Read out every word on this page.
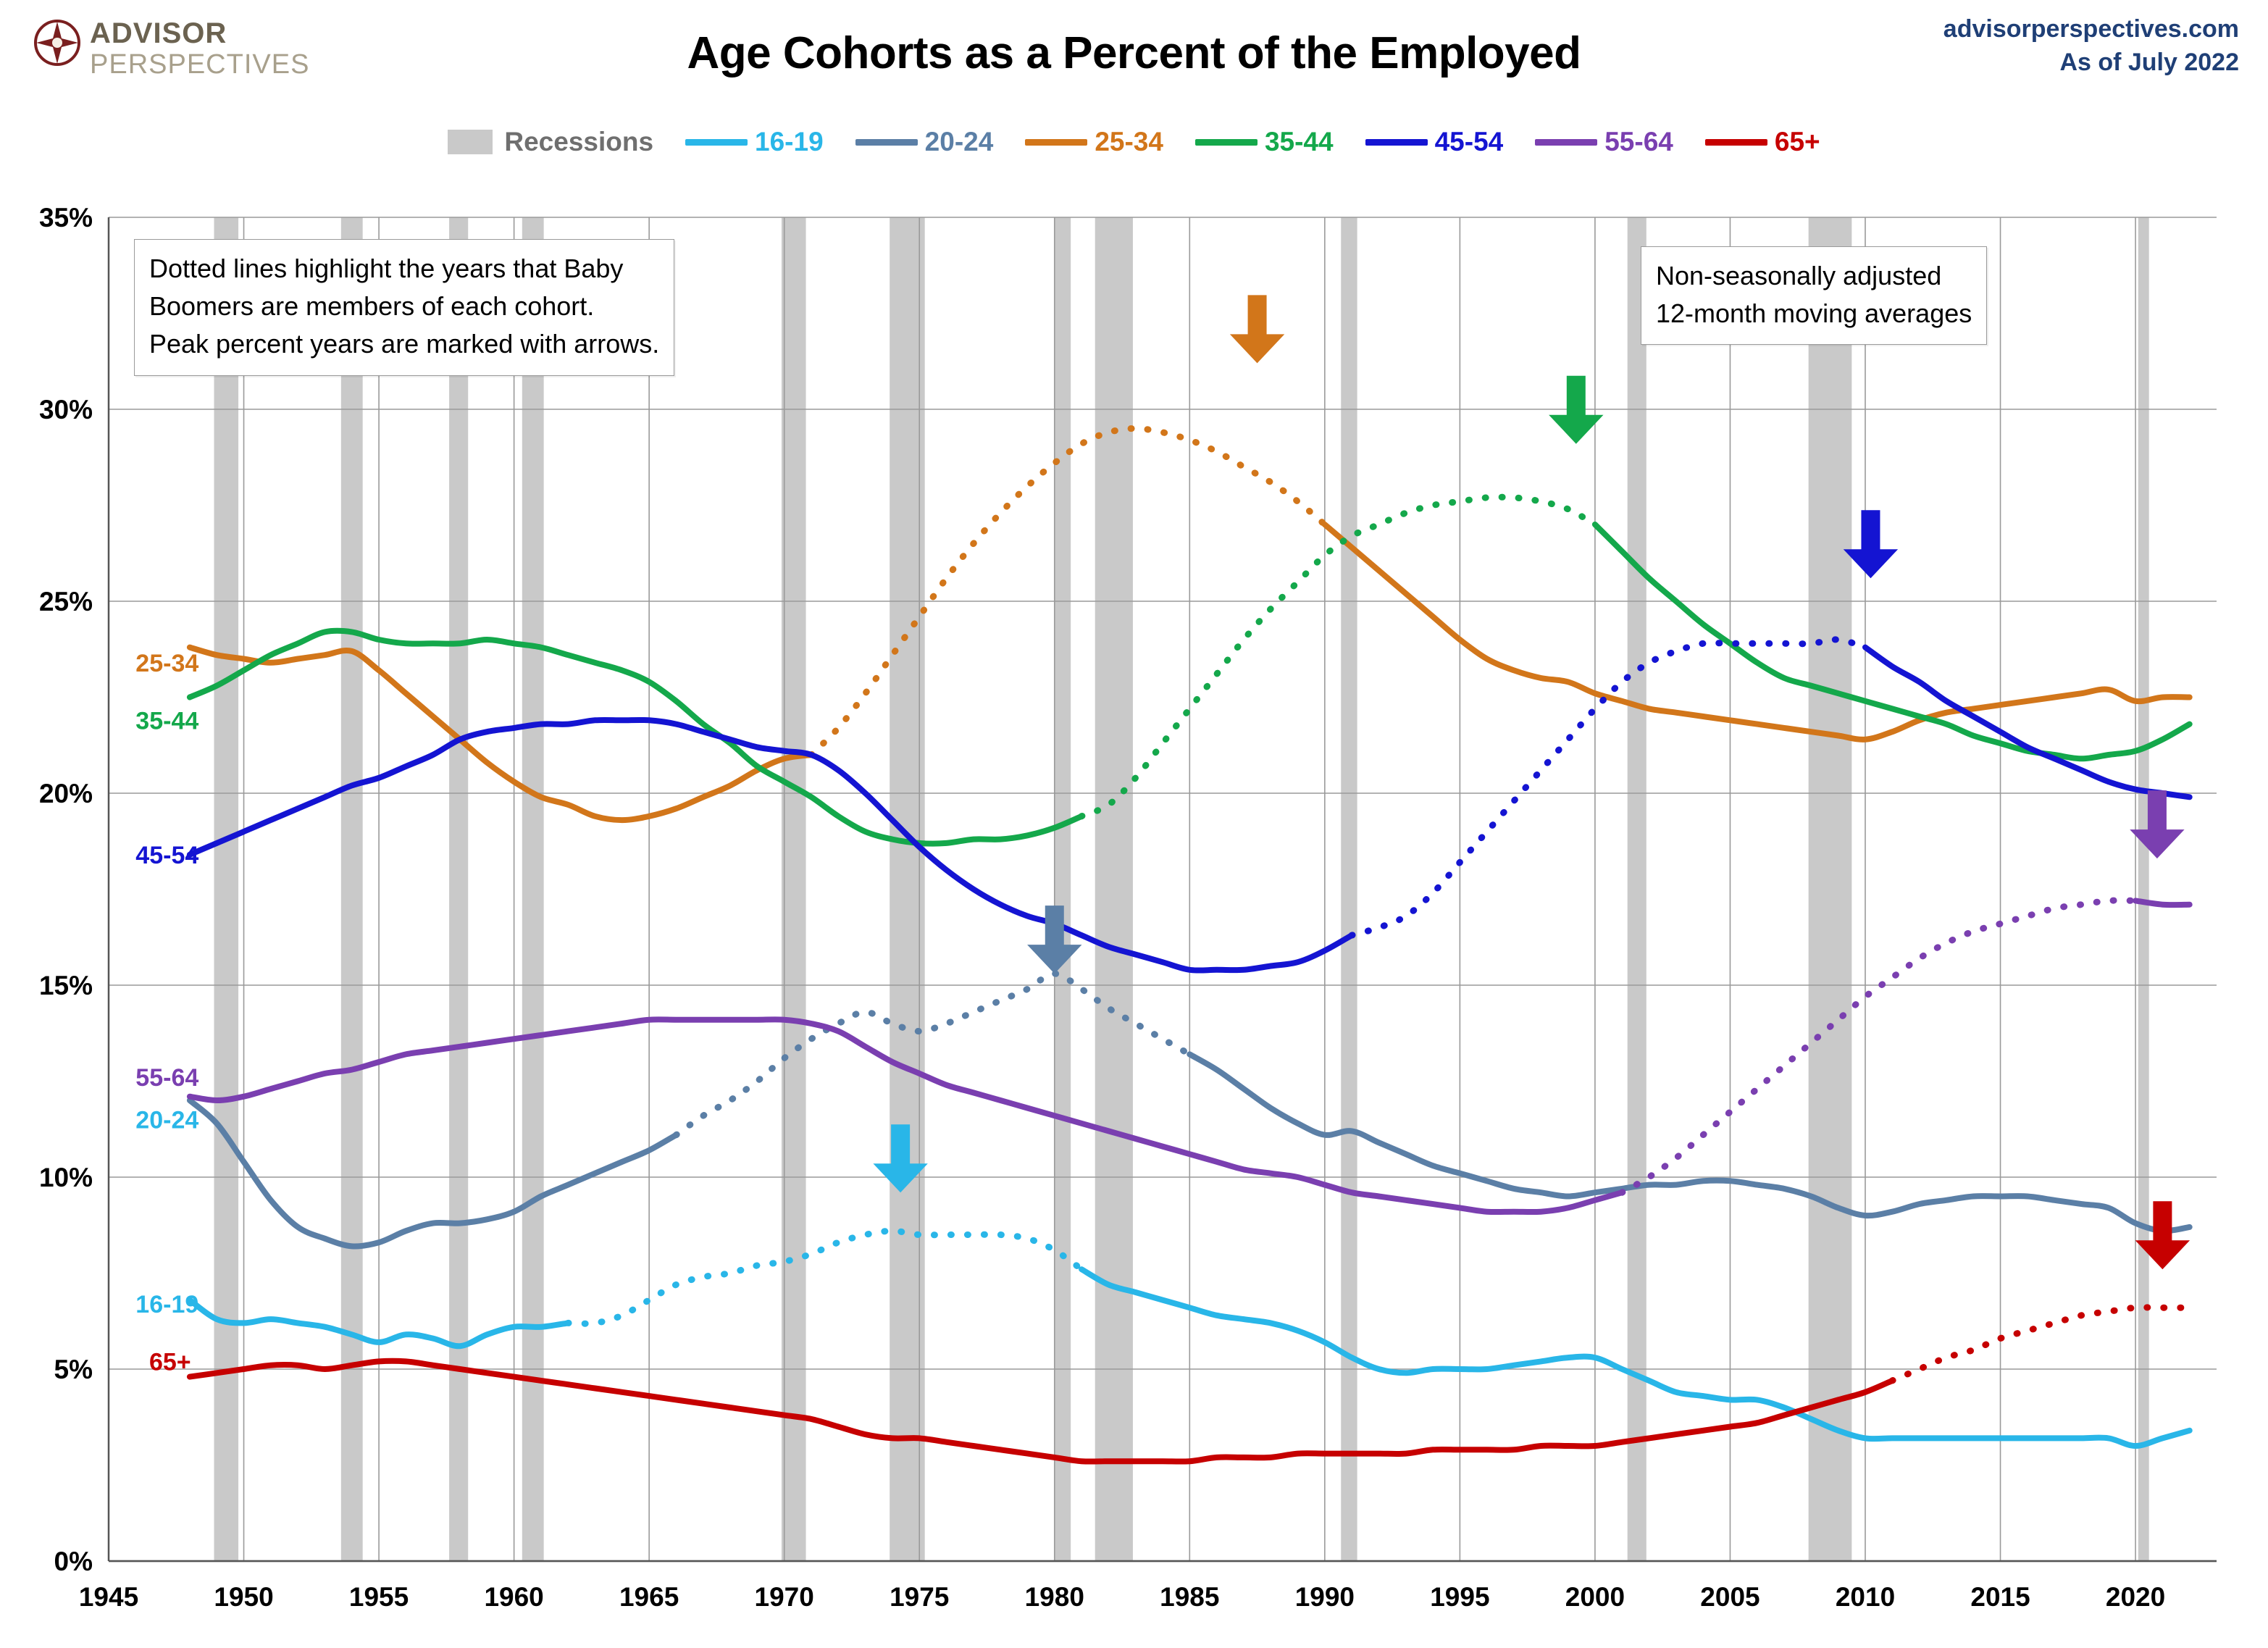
ADVISOR
PERSPECTIVES	Age Cohorts as a Percent of the Employed	advisorperspectives.com
As of July 2022
Recessions	16-19	20-24	25-34	35-44	45-54	55-64	65+
0%
5%
10%
15%
20%
25%
30%
35%
1945	1950	1955	1960	1965	1970	1975	1980	1985	1990	1995	2000	2005	2010	2015	2020
25-34
35-44
45-54
55-64
20-24
16-19
65+
Dotted lines highlight the years that Baby
Boomers are members of each cohort.
Peak percent years are marked with arrows.
Non-seasonally adjusted
12-month moving averages
